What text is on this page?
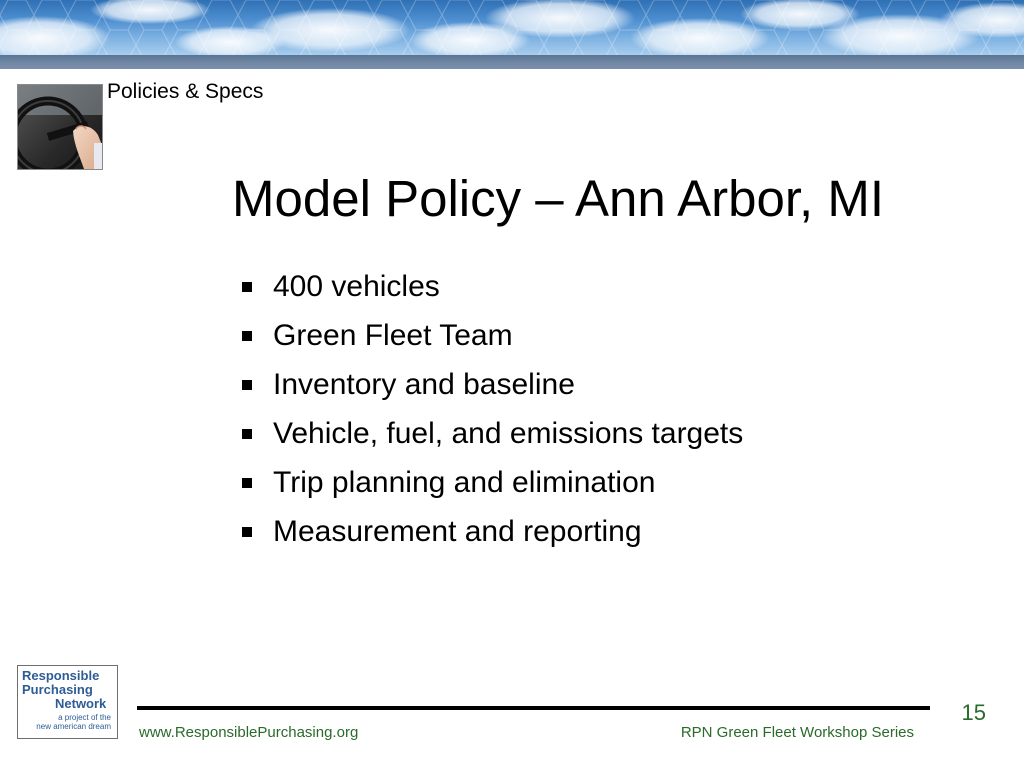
Policies & Specs
Model Policy – Ann Arbor, MI
400 vehicles
Green Fleet Team
Inventory and baseline
Vehicle, fuel, and emissions targets
Trip planning and elimination
Measurement and reporting
Responsible
Purchasing
Network
a project of the
new american dream
15
www.ResponsiblePurchasing.org	RPN Green Fleet Workshop Series
